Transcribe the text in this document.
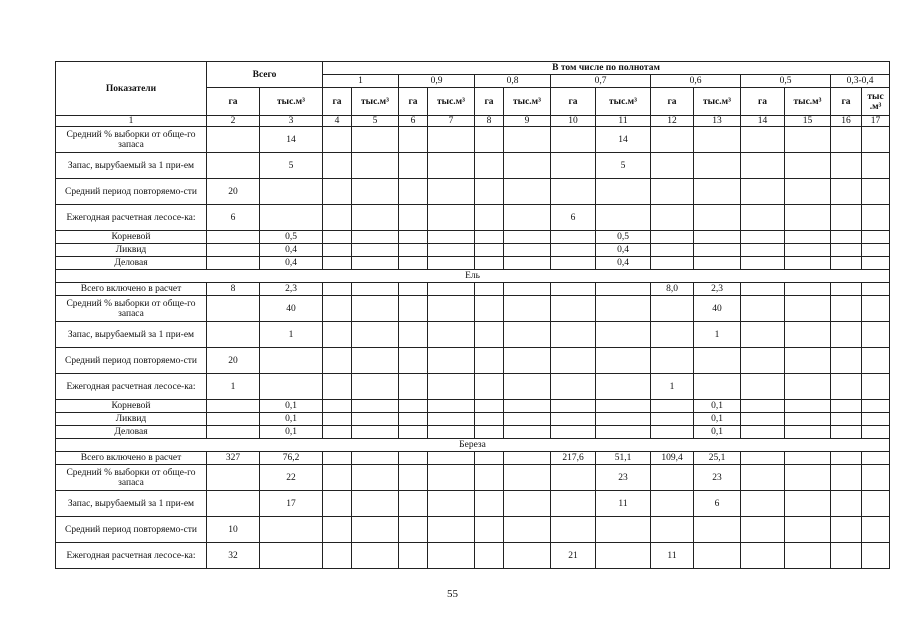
Показатели	Всего		В том числе по полнотам													
			1		0,9		0,8		0,7		0,6		0,5		0,3-0,4	
	га	тыс.м³	га	тыс.м³	га	тыс.м³	га	тыс.м³	га	тыс.м³	га	тыс.м³	га	тыс.м³	га	тыс .м³
1	2	3	4	5	6	7	8	9	10	11	12	13	14	15	16	17
Средний % выборки от обще-го запаса		14								14						
Запас, вырубаемый за 1 при-ем		5								5						
Средний период повторяемо-сти	20															
Ежегодная расчетная лесосе-ка:	6								6							
Корневой		0,5								0,5						
Ликвид		0,4								0,4						
Деловая		0,4								0,4						
Ель																
Всего включено в расчет	8	2,3									8,0	2,3				
Средний % выборки от обще-го запаса		40										40				
Запас, вырубаемый за 1 при-ем		1										1				
Средний период повторяемо-сти	20															
Ежегодная расчетная лесосе-ка:	1										1					
Корневой		0,1										0,1				
Ликвид		0,1										0,1				
Деловая		0,1										0,1				
Береза																
Всего включено в расчет	327	76,2							217,6	51,1	109,4	25,1				
Средний % выборки от обще-го запаса		22								23		23				
Запас, вырубаемый за 1 при-ем		17								11		6				
Средний период повторяемо-сти	10															
Ежегодная расчетная лесосе-ка:	32								21		11					
55
